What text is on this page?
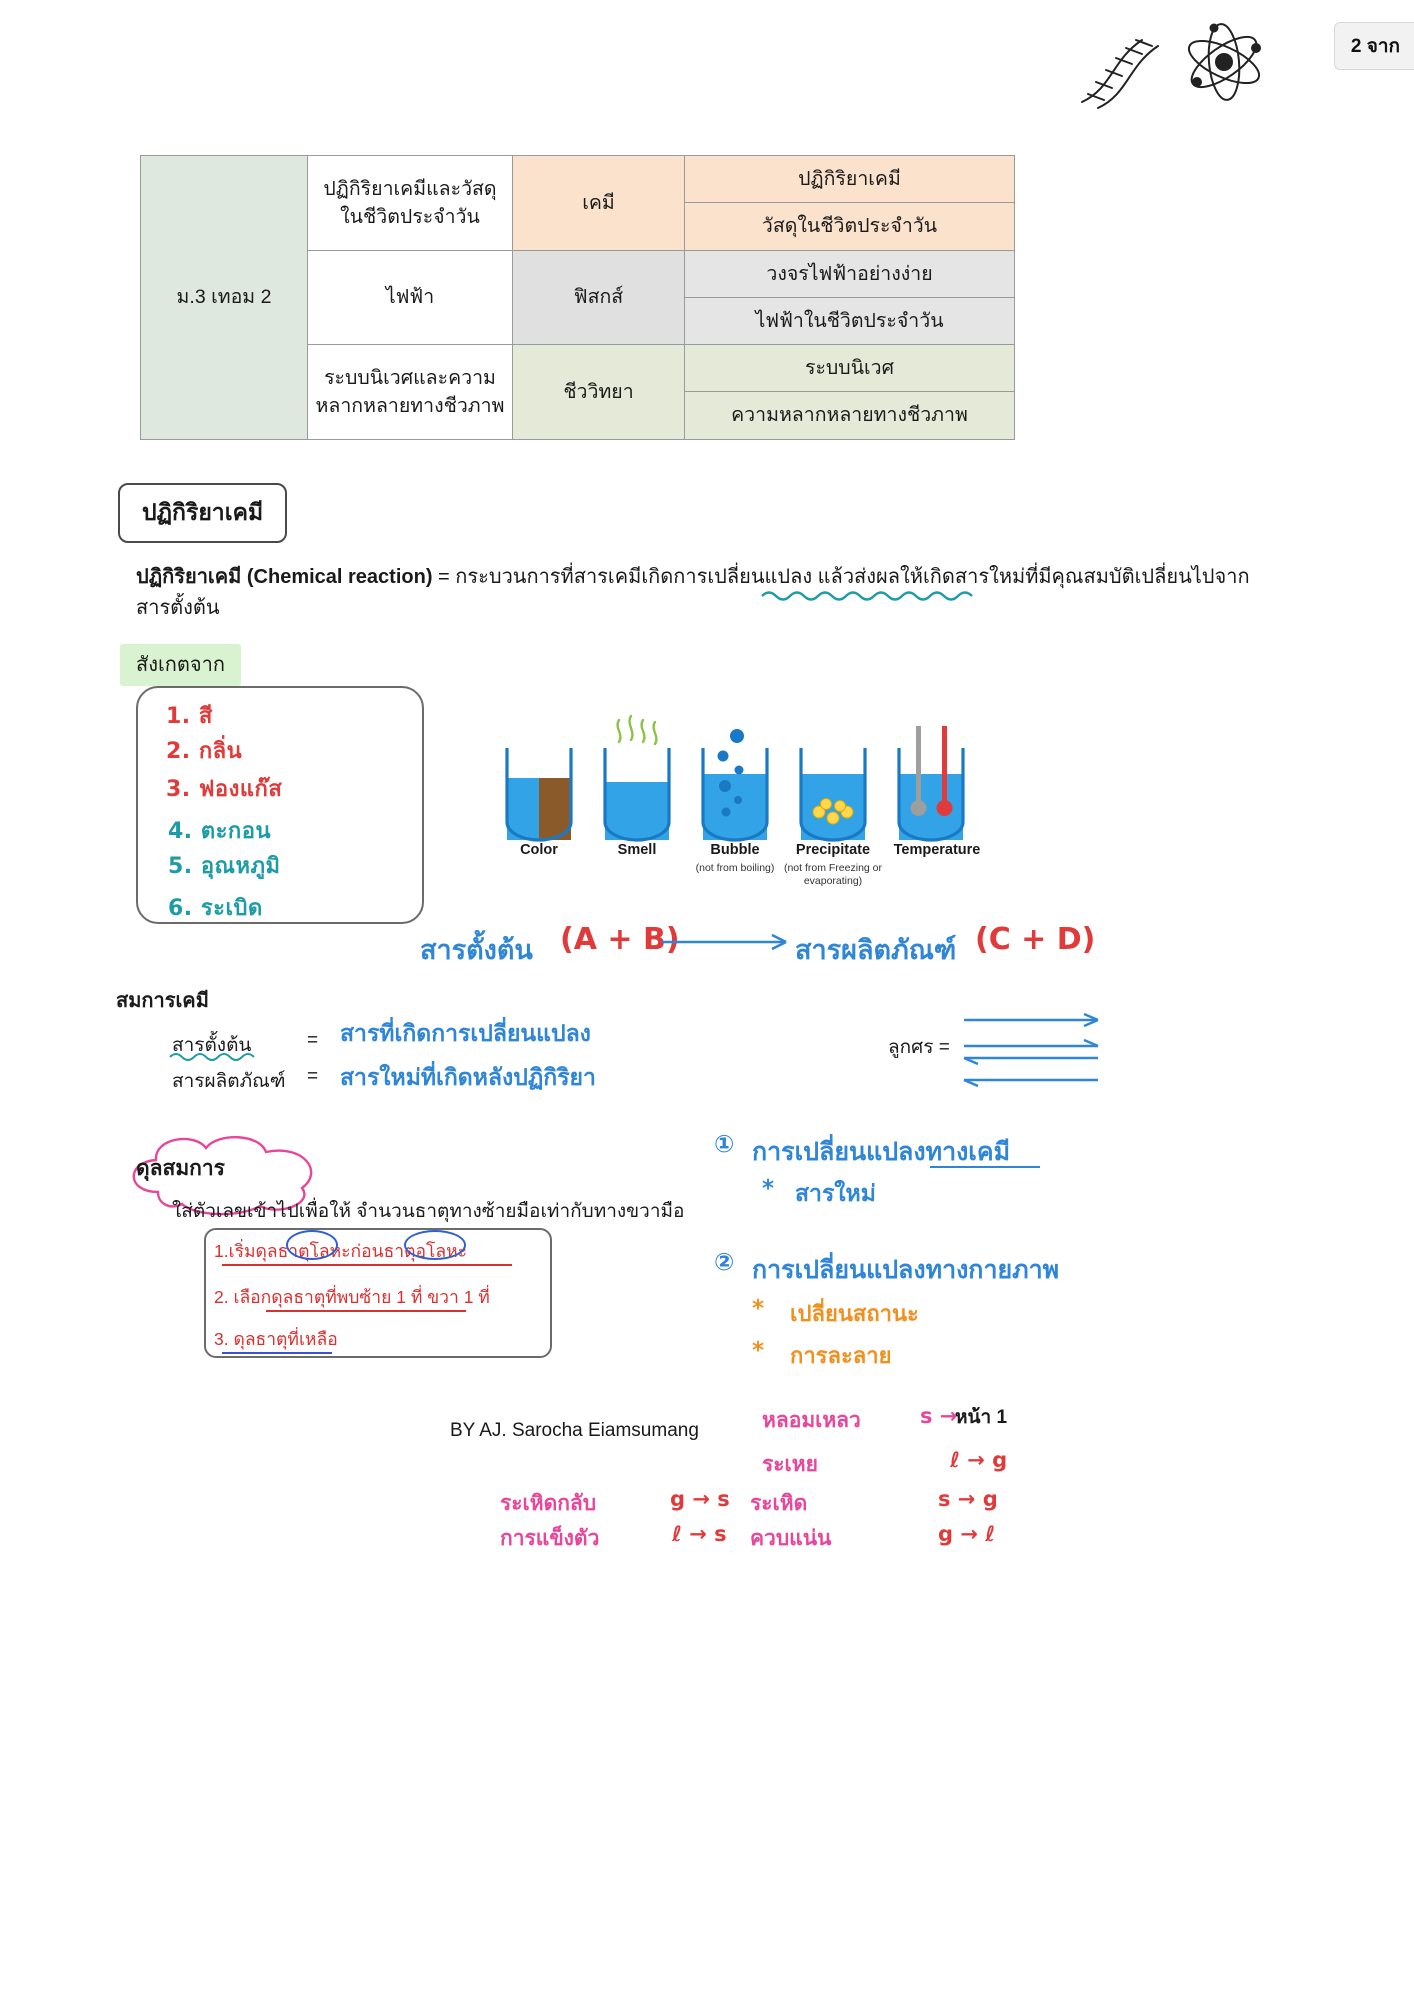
2 จาก
ม.3 เทอม 2	ปฏิกิริยาเคมีและวัสดุในชีวิตประจำวัน	เคมี	ปฏิกิริยาเคมี
			วัสดุในชีวิตประจำวัน
	ไฟฟ้า	ฟิสกส์	วงจรไฟฟ้าอย่างง่าย
			ไฟฟ้าในชีวิตประจำวัน
	ระบบนิเวศและความหลากหลายทางชีวภาพ	ชีววิทยา	ระบบนิเวศ
			ความหลากหลายทางชีวภาพ
ปฏิกิริยาเคมี
ปฏิกิริยาเคมี (Chemical reaction) = กระบวนการที่สารเคมีเกิดการเปลี่ยนแปลง แล้วส่งผลให้เกิดสารใหม่ที่มีคุณสมบัติเปลี่ยนไปจากสารตั้งต้น
สังเกตจาก
1. สี
2. กลิ่น
3. ฟองแก๊ส
4. ตะกอน
5. อุณหภูมิ
6. ระเบิด
Color	Smell	Bubble
(not from boiling)
Precipitate
(not from Freezing or evaporating)
Temperature
สารตั้งต้น (A + B)	สารผลิตภัณฑ์ (C + D)
สมการเคมี
สารตั้งต้น	= สารที่เกิดการเปลี่ยนแปลง
สารผลิตภัณฑ์ = สารใหม่ที่เกิดหลังปฏิกิริยา
ลูกศร =
ดุลสมการ
ใส่ตัวเลขเข้าไปเพื่อให้ จำนวนธาตุทางซ้ายมือเท่ากับทางขวามือ
1.เริ่มดุลธาตุโลหะก่อนธาตุอโลหะ
2. เลือกดุลธาตุที่พบซ้าย 1 ที่ ขวา 1 ที่
3. ดุลธาตุที่เหลือ
① การเปลี่ยนแปลงทางเคมี
* สารใหม่
② การเปลี่ยนแปลงทางกายภาพ
* เปลี่ยนสถานะ
* การละลาย
หลอมเหลว	s →
ระเหย	ℓ → g
ระเหิดกลับ	g → s
การแข็งตัว	ℓ → s
ระเหิด	s → g
ควบแน่น	g → ℓ
หน้า 1
BY AJ. Sarocha Eiamsumang
